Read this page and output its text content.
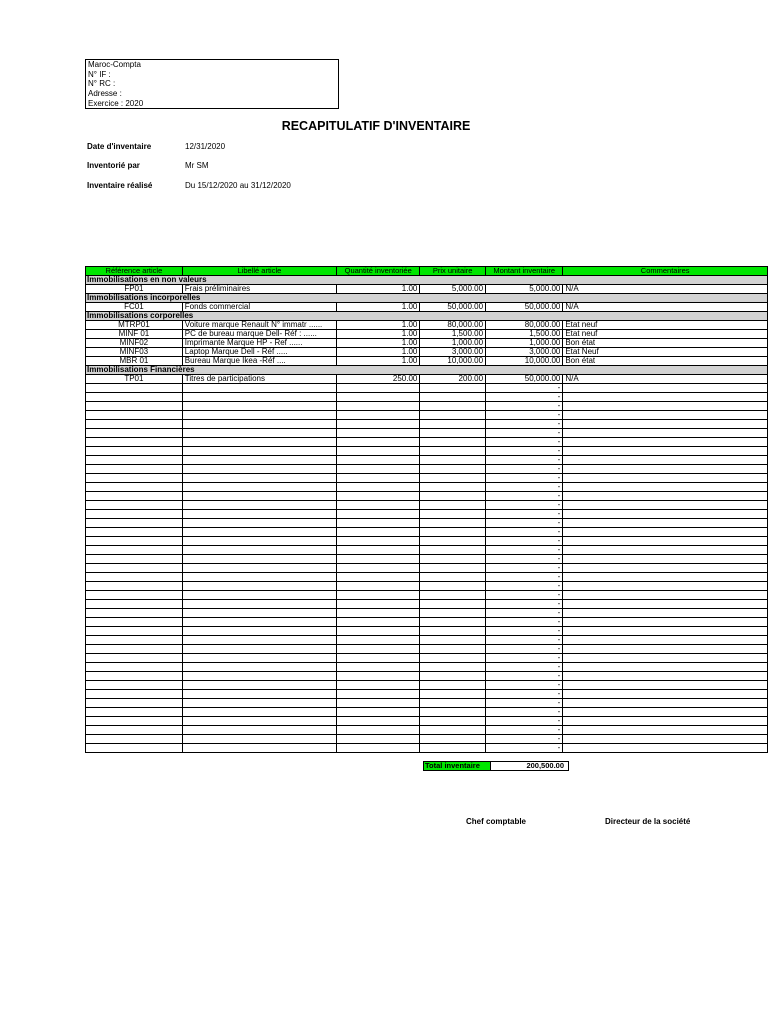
Maroc-Compta
N° IF :
N° RC :
Adresse :
Exercice : 2020
RECAPITULATIF D'INVENTAIRE
Date d'inventaire	12/31/2020
Inventorié par	Mr SM
Inventaire réalisé	Du 15/12/2020 au 31/12/2020
Référence article	Libellé article	Quantité inventoriée	Prix unitaire	Montant inventaire	Commentaires
Immobilisations en non valeurs					
FP01	Frais préliminaires	1.00	5,000.00	5,000.00	N/A
Immobilisations incorporelles					
FC01	Fonds commercial	1.00	50,000.00	50,000.00	N/A
Immobilisations corporelles					
MTRP01	Voiture marque Renault N° immatr ......	1.00	80,000.00	80,000.00	Etat neuf
MINF 01	PC de bureau marque Dell- Réf : ......	1.00	1,500.00	1,500.00	Etat neuf
MINF02	Imprimante Marque HP - Ref ......	1.00	1,000.00	1,000.00	Bon état
MINF03	Laptop Marque Dell - Réf .....	1.00	3,000.00	3,000.00	Etat Neuf
MBR 01	Bureau Marque Ikea -Réf ....	1.00	10,000.00	10,000.00	Bon état
Immobilisations Financières					
TP01	Titres de participations	250.00	200.00	50,000.00	N/A
				-	
				-	
				-	
				-	
				-	
				-	
				-	
				-	
				-	
				-	
				-	
				-	
				-	
				-	
				-	
				-	
				-	
				-	
				-	
				-	
				-	
				-	
				-	
				-	
				-	
				-	
				-	
				-	
				-	
				-	
				-	
				-	
				-	
				-	
				-	
				-	
				-	
				-	
				-	
				-	
				-	
Total inventaire	200,500.00
Chef comptable	Directeur de la société
